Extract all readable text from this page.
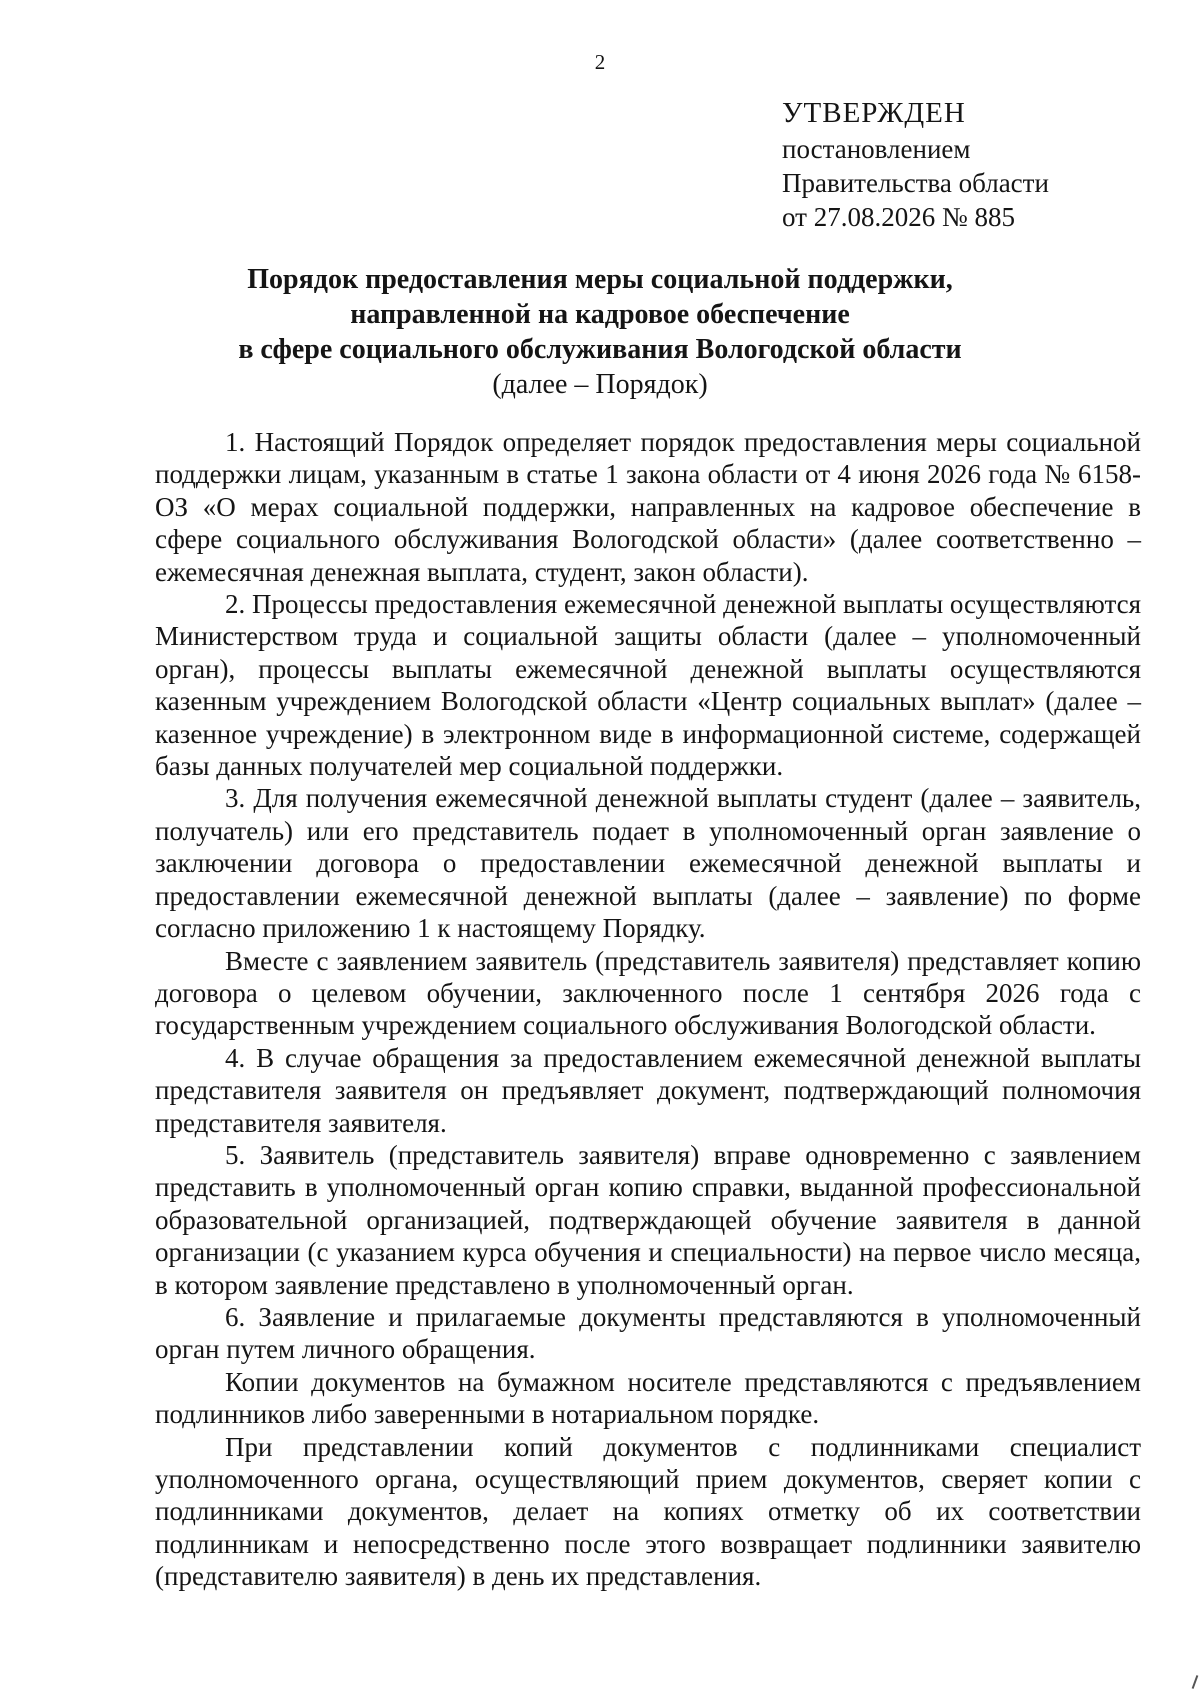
2
УТВЕРЖДЕН
постановлением
Правительства области
от 27.08.2026 № 885
Порядок предоставления меры социальной поддержки,
направленной на кадровое обеспечение
в сфере социального обслуживания Вологодской области
(далее – Порядок)

1. Настоящий Порядок определяет порядок предоставления меры социальной поддержки лицам, указанным в статье 1 закона области от 4 июня 2026 года № 6158-ОЗ «О мерах социальной поддержки, направленных на кадровое обеспечение в сфере социального обслуживания Вологодской области» (далее соответственно – ежемесячная денежная выплата, студент, закон области).

2. Процессы предоставления ежемесячной денежной выплаты осуществляются Министерством труда и социальной защиты области (далее – уполномоченный орган), процессы выплаты ежемесячной денежной выплаты осуществляются казенным учреждением Вологодской области «Центр социальных выплат» (далее – казенное учреждение) в электронном виде в информационной системе, содержащей базы данных получателей мер социальной поддержки.

3. Для получения ежемесячной денежной выплаты студент (далее – заявитель, получатель) или его представитель подает в уполномоченный орган заявление о заключении договора о предоставлении ежемесячной денежной выплаты и предоставлении ежемесячной денежной выплаты (далее – заявление) по форме согласно приложению 1 к настоящему Порядку.

Вместе с заявлением заявитель (представитель заявителя) представляет копию договора о целевом обучении, заключенного после 1 сентября 2026 года с государственным учреждением социального обслуживания Вологодской области.

4. В случае обращения за предоставлением ежемесячной денежной выплаты представителя заявителя он предъявляет документ, подтверждающий полномочия представителя заявителя.

5. Заявитель (представитель заявителя) вправе одновременно с заявлением представить в уполномоченный орган копию справки, выданной профессиональной образовательной организацией, подтверждающей обучение заявителя в данной организации (с указанием курса обучения и специальности) на первое число месяца, в котором заявление представлено в уполномоченный орган.

6. Заявление и прилагаемые документы представляются в уполномоченный орган путем личного обращения.

Копии документов на бумажном носителе представляются с предъявлением подлинников либо заверенными в нотариальном порядке.

При представлении копий документов с подлинниками специалист уполномоченного органа, осуществляющий прием документов, сверяет копии с подлинниками документов, делает на копиях отметку об их соответствии подлинникам и непосредственно после этого возвращает подлинники заявителю (представителю заявителя) в день их представления.
